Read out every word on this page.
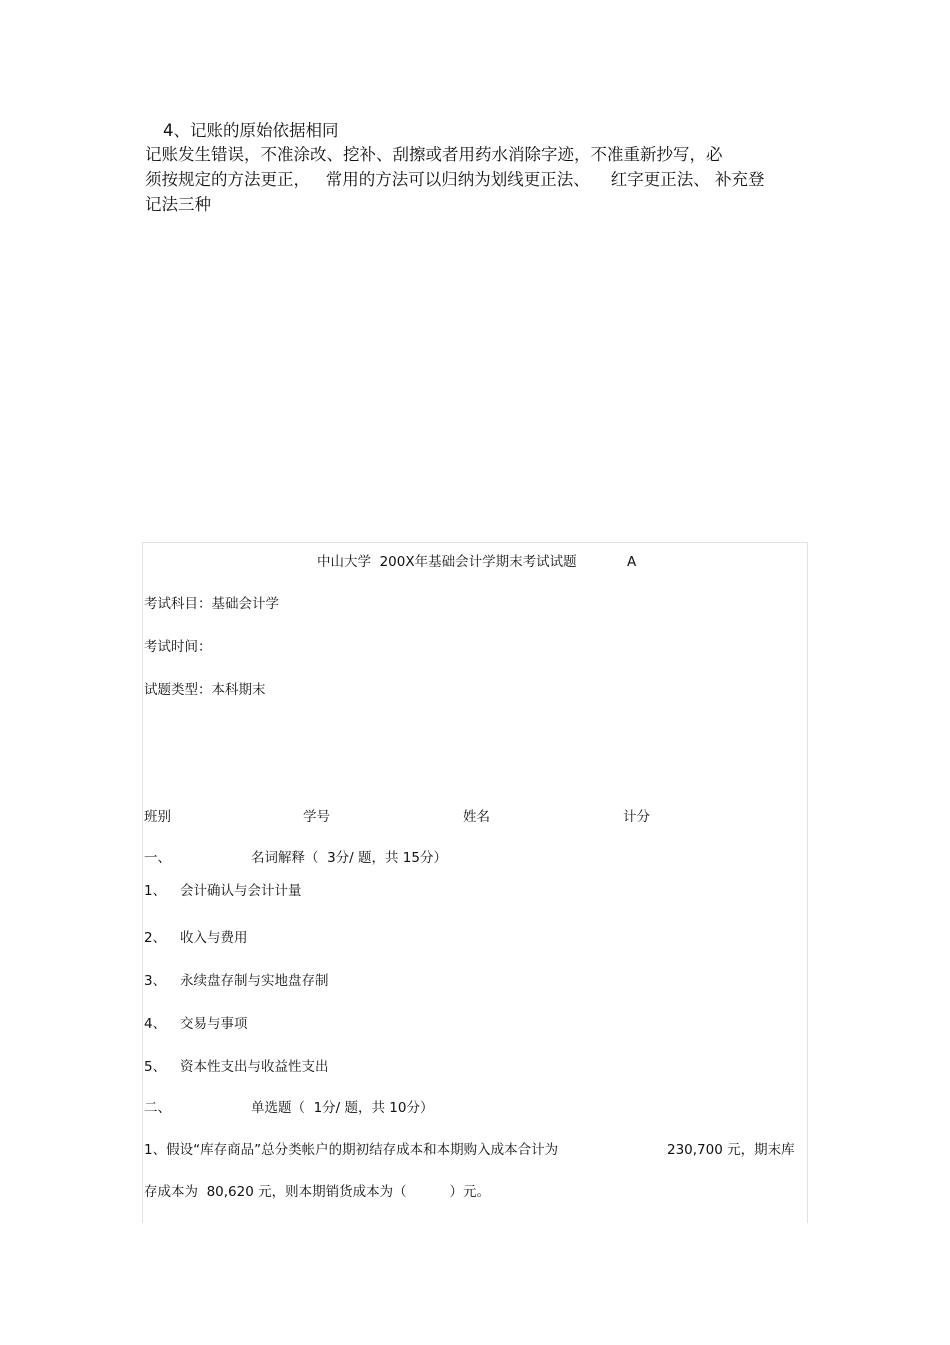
4、记账的原始依据相同
记账发生错误，不准涂改、挖补、刮擦或者用药水消除字迹，不准重新抄写，必
须按规定的方法更正，   常用的方法可以归纳为划线更正法、    红字更正法、 补充登
记法三种
中山大学  200X年基础会计学期末考试试题	A
考试科目：基础会计学
考试时间：
试题类型：本科期末
班别	学号	姓名	计分
一、	名词解释（  3分/ 题，共 15分）
1、 会计确认与会计计量
2、 收入与费用
3、 永续盘存制与实地盘存制
4、 交易与事项
5、 资本性支出与收益性支出
二、	单选题（  1分/ 题，共 10分）
1、假设“库存商品”总分类帐户的期初结存成本和本期购入成本合计为	230,700 元，期末库
存成本为  80,620 元，则本期销货成本为（          ）元。
